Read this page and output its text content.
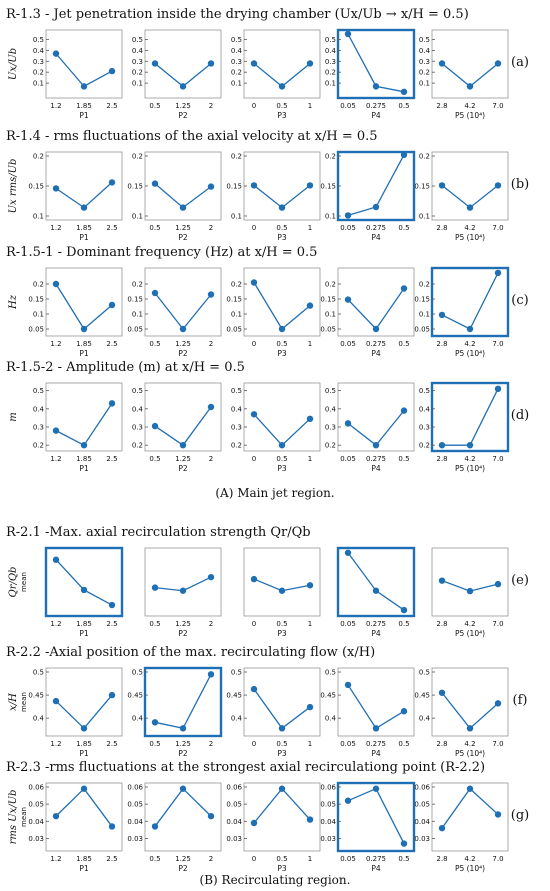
(A) Main jet region.
(B) Recirculating region.
R-1.3 - Jet penetration inside the drying chamber (Ux/Ub → x/H = 0.5)
(a)
Ux/Ub
0.1
0.2
0.3
0.4
0.5
1.2 1.85 2.5
P1
0.1
0.2
0.3
0.4
0.5
0.5 1.25	2
P2
0.1
0.2
0.3
0.4
0.5
0	0.5	1
P3
0.1
0.2
0.3
0.4
0.5
0.05 0.275 0.5
P4
0.1
0.2
0.3
0.4
0.5
2.8 4.2 7.0
P5 (10⁴)
R-1.4 - rms fluctuations of the axial velocity at x/H = 0.5
(b)
Ux rms/Ub
0.1
0.15
0.2
1.2 1.85 2.5
P1
0.1
0.15
0.2
0.5 1.25	2
P2
0.1
0.15
0.2
0	0.5	1
P3
0.1
0.15
0.2
0.05 0.275 0.5
P4
0.1
0.15
0.2
2.8 4.2 7.0
P5 (10⁴)
R-1.5-1 - Dominant frequency (Hz) at x/H = 0.5
(c)
Hz
0.05
0.1
0.15
0.2
1.2 1.85 2.5
P1
0.05
0.1
0.15
0.2
0.5 1.25	2
P2
0.05
0.1
0.15
0.2
0	0.5	1
P3
0.05
0.1
0.15
0.2
0.05 0.275 0.5
P4
0.05
0.1
0.15
0.2
2.8 4.2 7.0
P5 (10⁴)
R-1.5-2 - Amplitude (m) at x/H = 0.5
(d)
m
0.2
0.3
0.4
0.5
1.2 1.85 2.5
P1
0.2
0.3
0.4
0.5
0.5 1.25	2
P2
0.2
0.3
0.4
0.5
0	0.5	1
P3
0.2
0.3
0.4
0.5
0.05 0.275 0.5
P4
0.2
0.3
0.4
0.5
2.8 4.2 7.0
P5 (10⁴)
R-2.1 -Max. axial recirculation strength Qr/Qb
(e)
Qr/Qb mean
1.2 1.85 2.5
P1
0.5 1.25	2
P2
0	0.5	1
P3
0.05 0.275 0.5
P4
2.8 4.2 7.0
P5 (10⁴)
R-2.2 -Axial position of the max. recirculating flow (x/H)
(f)
x/H mean
0.4
0.45
0.5
1.2 1.85 2.5
P1
0.4
0.45
0.5
0.5 1.25	2
P2
0.4
0.45
0.5
0	0.5	1
P3
0.4
0.45
0.5
0.05 0.275 0.5
P4
0.4
0.45
0.5
2.8 4.2 7.0
P5 (10⁴)
R-2.3 -rms fluctuations at the strongest axial recirculationg point (R-2.2)
(g)
rms Ux/Ub mean
0.03
0.04
0.05
0.06
1.2 1.85 2.5
P1
0.03
0.04
0.05
0.06
0.5 1.25	2
P2
0.03
0.04
0.05
0.06
0	0.5	1
P3
0.03
0.04
0.05
0.06
0.05 0.275 0.5
P4
0.03
0.04
0.05
0.06
2.8 4.2 7.0
P5 (10⁴)
